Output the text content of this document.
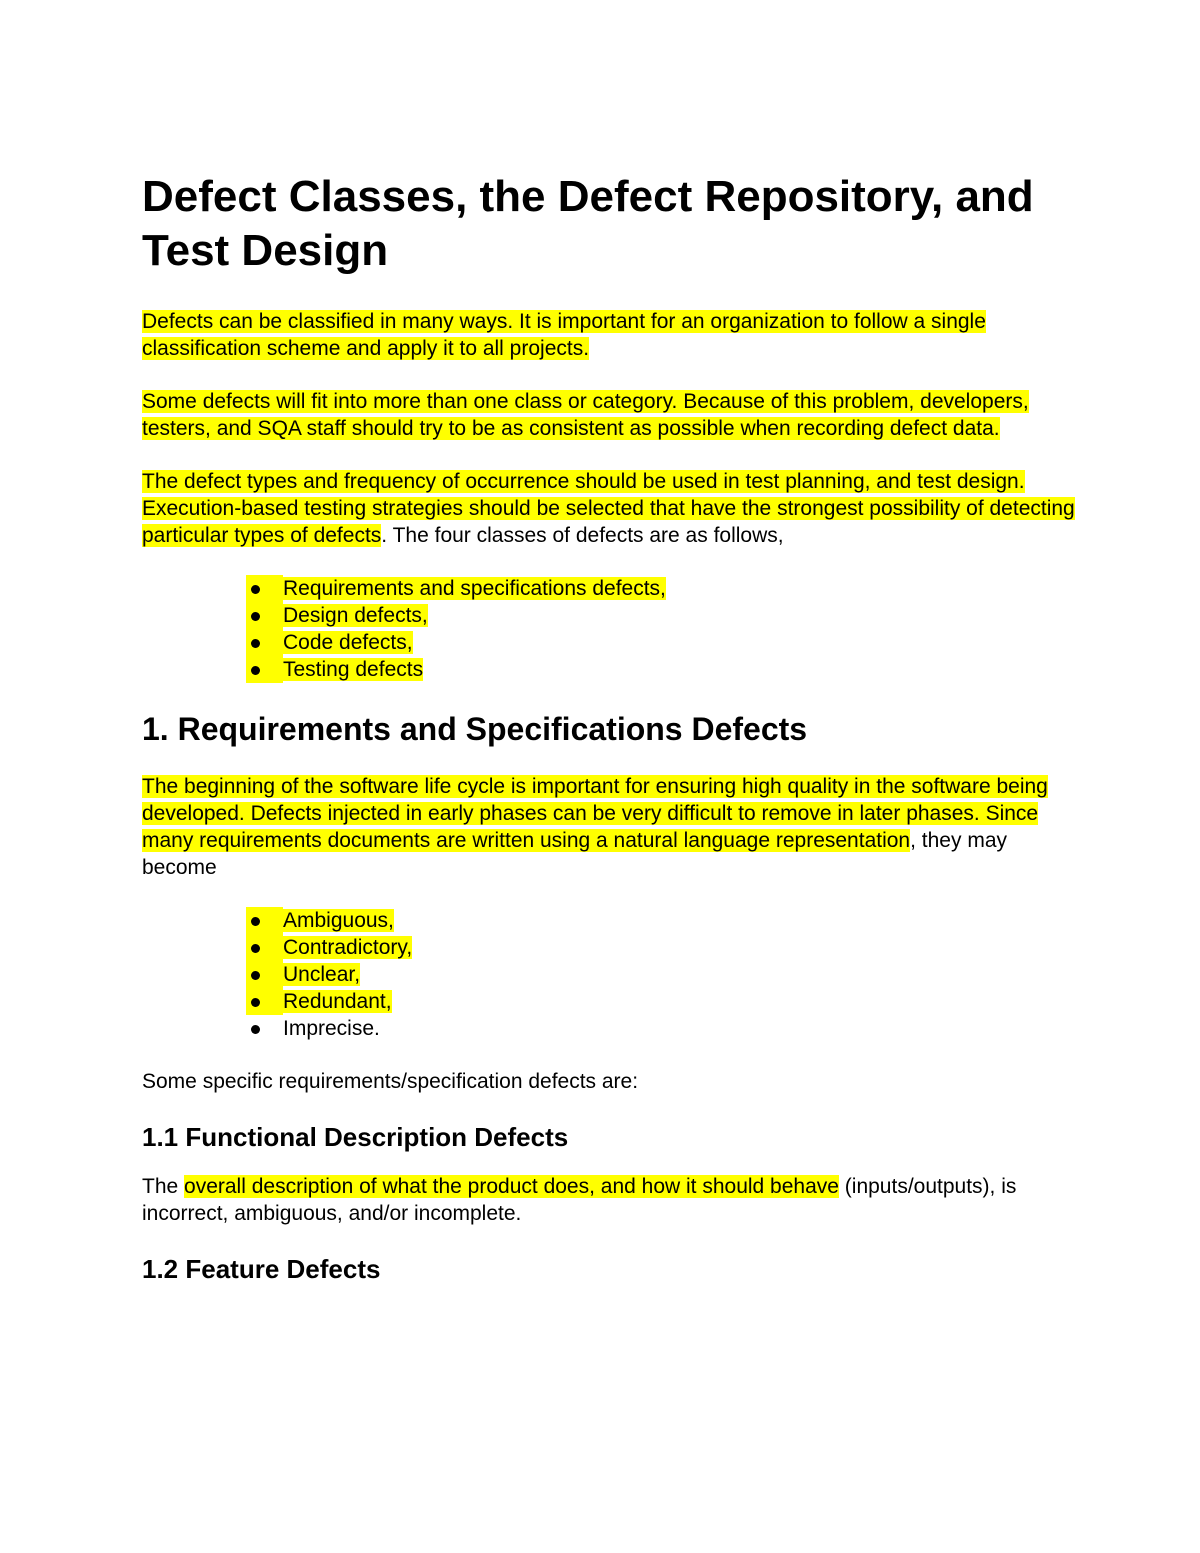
Defect Classes, the Defect Repository, and Test Design

Defects can be classified in many ways. It is important for an organization to follow a single classification scheme and apply it to all projects.

Some defects will fit into more than one class or category. Because of this problem, developers, testers, and SQA staff should try to be as consistent as possible when recording defect data.

The defect types and frequency of occurrence should be used in test planning, and test design. Execution-based testing strategies should be selected that have the strongest possibility of detecting particular types of defects. The four classes of defects are as follows,

Requirements and specifications defects,
Design defects,
Code defects,
Testing defects
1. Requirements and Specifications Defects

The beginning of the software life cycle is important for ensuring high quality in the software being developed. Defects injected in early phases can be very difficult to remove in later phases. Since many requirements documents are written using a natural language representation, they may become

Ambiguous,
Contradictory,
Unclear,
Redundant,
Imprecise.

Some specific requirements/specification defects are:

1.1 Functional Description Defects

The overall description of what the product does, and how it should behave (inputs/outputs), is incorrect, ambiguous, and/or incomplete.

1.2 Feature Defects
